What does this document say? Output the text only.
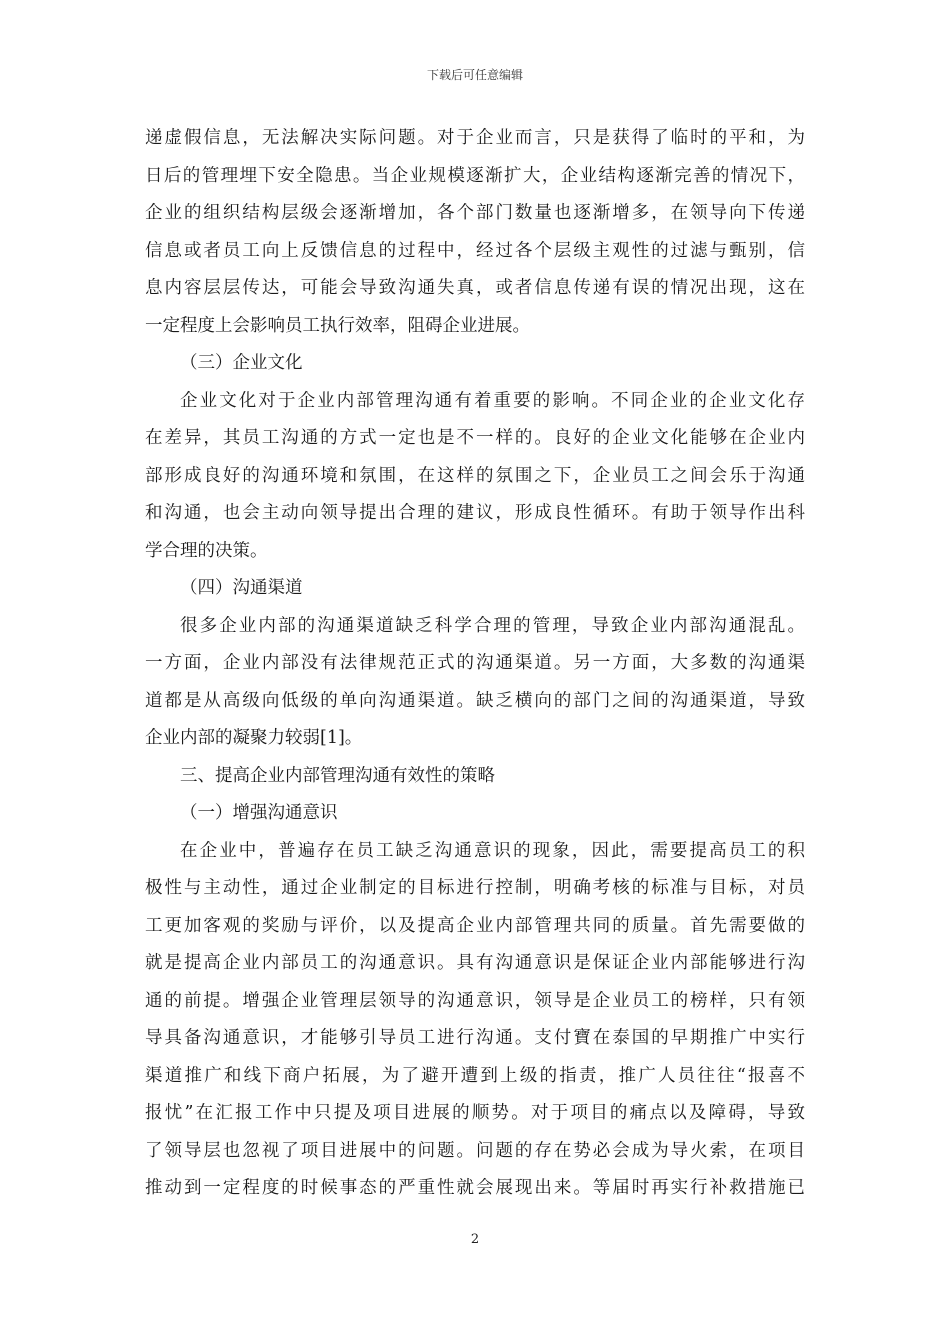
下载后可任意编辑
递虚假信息，无法解决实际问题。对于企业而言，只是获得了临时的平和，为
日后的管理埋下安全隐患。当企业规模逐渐扩大，企业结构逐渐完善的情况下，
企业的组织结构层级会逐渐增加，各个部门数量也逐渐增多，在领导向下传递
信息或者员工向上反馈信息的过程中，经过各个层级主观性的过滤与甄别，信
息内容层层传达，可能会导致沟通失真，或者信息传递有误的情况出现，这在
一定程度上会影响员工执行效率，阻碍企业进展。
（三）企业文化
企业文化对于企业内部管理沟通有着重要的影响。不同企业的企业文化存
在差异，其员工沟通的方式一定也是不一样的。良好的企业文化能够在企业内
部形成良好的沟通环境和氛围，在这样的氛围之下，企业员工之间会乐于沟通
和沟通，也会主动向领导提出合理的建议，形成良性循环。有助于领导作出科
学合理的决策。
（四）沟通渠道
很多企业内部的沟通渠道缺乏科学合理的管理，导致企业内部沟通混乱。
一方面，企业内部没有法律规范正式的沟通渠道。另一方面，大多数的沟通渠
道都是从高级向低级的单向沟通渠道。缺乏横向的部门之间的沟通渠道，导致
企业内部的凝聚力较弱[1]。
三、提高企业内部管理沟通有效性的策略
（一）增强沟通意识
在企业中，普遍存在员工缺乏沟通意识的现象，因此，需要提高员工的积
极性与主动性，通过企业制定的目标进行控制，明确考核的标准与目标，对员
工更加客观的奖励与评价，以及提高企业内部管理共同的质量。首先需要做的
就是提高企业内部员工的沟通意识。具有沟通意识是保证企业内部能够进行沟
通的前提。增强企业管理层领导的沟通意识，领导是企业员工的榜样，只有领
导具备沟通意识，才能够引导员工进行沟通。支付寶在泰国的早期推广中实行
渠道推广和线下商户拓展，为了避开遭到上级的指责，推广人员往往“报喜不
报忧”在汇报工作中只提及项目进展的顺势。对于项目的痛点以及障碍，导致
了领导层也忽视了项目进展中的问题。问题的存在势必会成为导火索，在项目
推动到一定程度的时候事态的严重性就会展现出来。等届时再实行补救措施已
2
